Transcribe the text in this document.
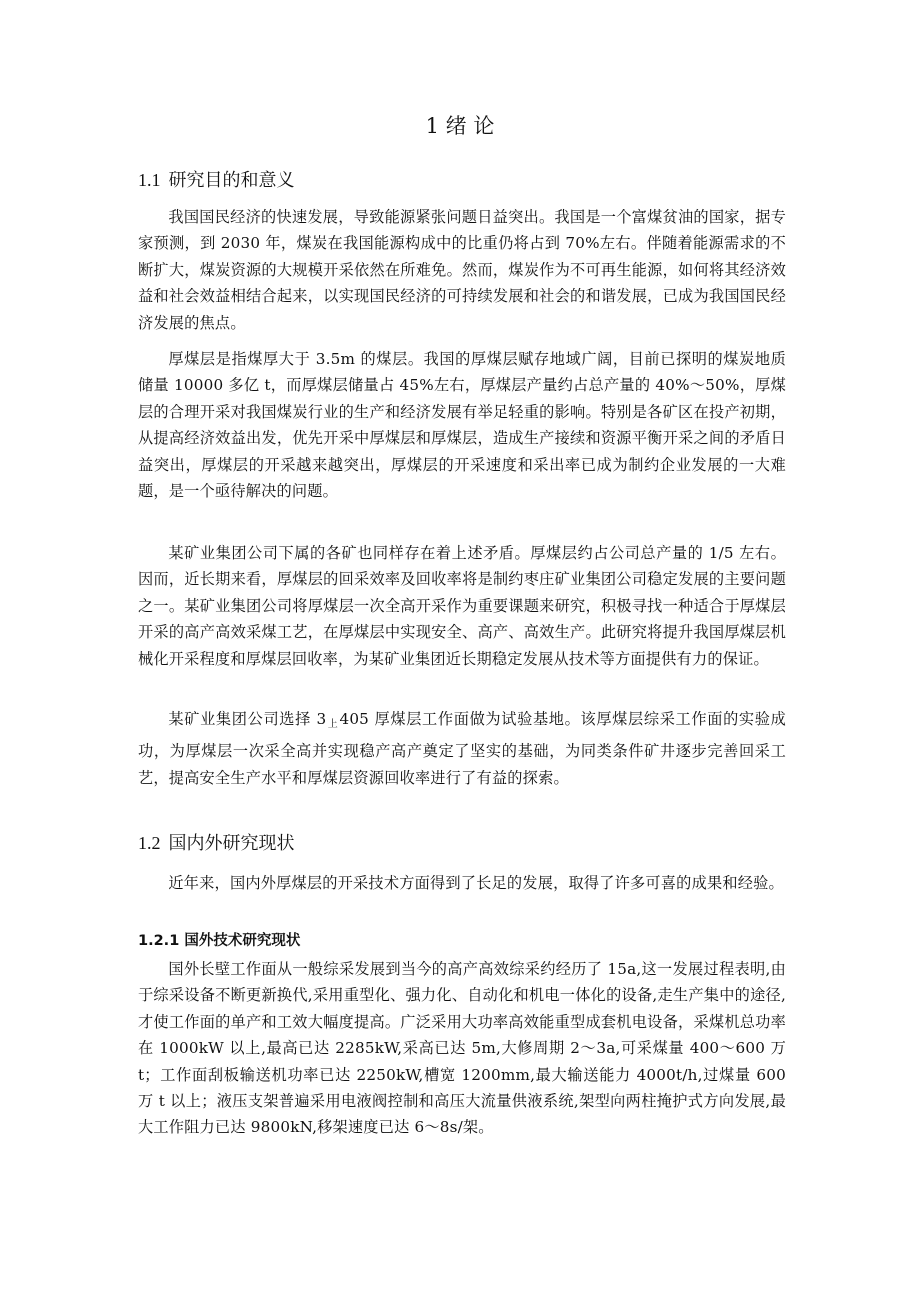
1 绪 论
1.1 研究目的和意义

我国国民经济的快速发展，导致能源紧张问题日益突出。我国是一个富煤贫油的国家，据专家预测，到 2030 年，煤炭在我国能源构成中的比重仍将占到 70%左右。伴随着能源需求的不断扩大，煤炭资源的大规模开采依然在所难免。然而，煤炭作为不可再生能源，如何将其经济效益和社会效益相结合起来，以实现国民经济的可持续发展和社会的和谐发展，已成为我国国民经济发展的焦点。

厚煤层是指煤厚大于 3.5m 的煤层。我国的厚煤层赋存地域广阔，目前已探明的煤炭地质储量 10000 多亿 t，而厚煤层储量占 45%左右，厚煤层产量约占总产量的 40%～50%，厚煤层的合理开采对我国煤炭行业的生产和经济发展有举足轻重的影响。特别是各矿区在投产初期，从提高经济效益出发，优先开采中厚煤层和厚煤层，造成生产接续和资源平衡开采之间的矛盾日益突出，厚煤层的开采越来越突出，厚煤层的开采速度和采出率已成为制约企业发展的一大难题，是一个亟待解决的问题。

某矿业集团公司下属的各矿也同样存在着上述矛盾。厚煤层约占公司总产量的 1/5 左右。因而，近长期来看，厚煤层的回采效率及回收率将是制约枣庄矿业集团公司稳定发展的主要问题之一。某矿业集团公司将厚煤层一次全高开采作为重要课题来研究，积极寻找一种适合于厚煤层开采的高产高效采煤工艺，在厚煤层中实现安全、高产、高效生产。此研究将提升我国厚煤层机械化开采程度和厚煤层回收率，为某矿业集团近长期稳定发展从技术等方面提供有力的保证。

某矿业集团公司选择 3上405 厚煤层工作面做为试验基地。该厚煤层综采工作面的实验成功，为厚煤层一次采全高并实现稳产高产奠定了坚实的基础，为同类条件矿井逐步完善回采工艺，提高安全生产水平和厚煤层资源回收率进行了有益的探索。

1.2 国内外研究现状

近年来，国内外厚煤层的开采技术方面得到了长足的发展，取得了许多可喜的成果和经验。

1.2.1 国外技术研究现状

国外长壁工作面从一般综采发展到当今的高产高效综采约经历了 15a,这一发展过程表明,由于综采设备不断更新换代,采用重型化、强力化、自动化和机电一体化的设备,走生产集中的途径,才使工作面的单产和工效大幅度提高。广泛采用大功率高效能重型成套机电设备，采煤机总功率在 1000kW 以上,最高已达 2285kW,采高已达 5m,大修周期 2～3a,可采煤量 400～600 万 t；工作面刮板输送机功率已达 2250kW,槽宽 1200mm,最大输送能力 4000t/h,过煤量 600 万 t 以上；液压支架普遍采用电液阀控制和高压大流量供液系统,架型向两柱掩护式方向发展,最大工作阻力已达 9800kN,移架速度已达 6～8s/架。
